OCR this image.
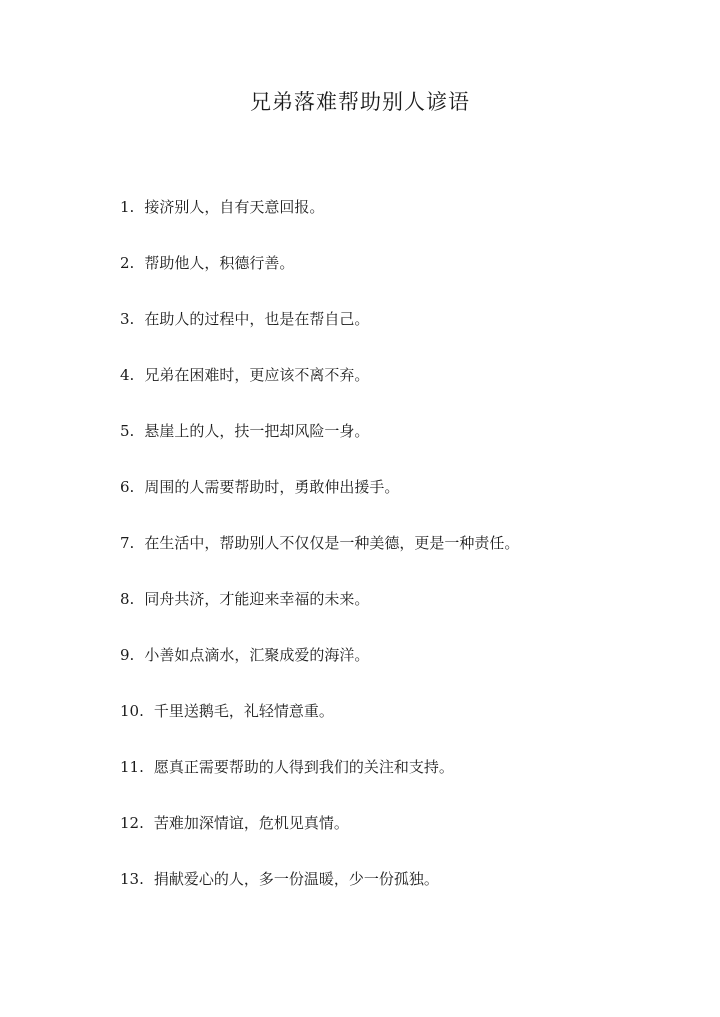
兄弟落难帮助别人谚语
1. 接济别人，自有天意回报。
2. 帮助他人，积德行善。
3. 在助人的过程中，也是在帮自己。
4. 兄弟在困难时，更应该不离不弃。
5. 悬崖上的人，扶一把却风险一身。
6. 周围的人需要帮助时，勇敢伸出援手。
7. 在生活中，帮助别人不仅仅是一种美德，更是一种责任。
8. 同舟共济，才能迎来幸福的未来。
9. 小善如点滴水，汇聚成爱的海洋。
10. 千里送鹅毛，礼轻情意重。
11. 愿真正需要帮助的人得到我们的关注和支持。
12. 苦难加深情谊，危机见真情。
13. 捐献爱心的人，多一份温暖，少一份孤独。
